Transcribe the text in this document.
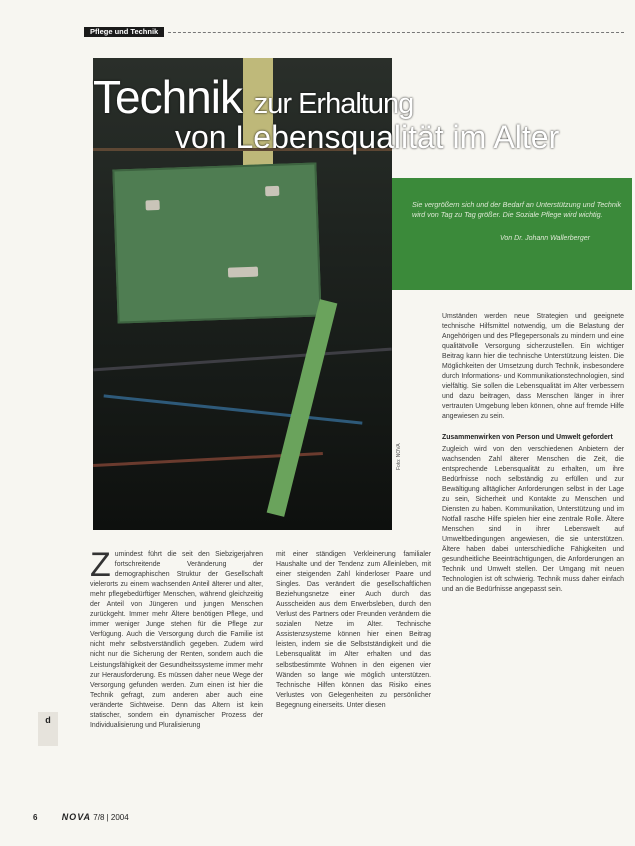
Pflege und Technik
Foto: NOVA
Technik zur Erhaltung
von Lebensqualität im Alter
Sie vergrößern sich und der Bedarf an Unterstützung und Technik wird von Tag zu Tag größer. Die Soziale Pflege wird wichtig.
Von Dr. Johann Wallerberger
Zumindest führt die seit den Siebzigerjahren fortschreitende Veränderung der demographischen Struktur der Gesellschaft vielerorts zu einem wachsenden Anteil älterer und alter, mehr pflegebedürftiger Menschen, während gleichzeitig der Anteil von Jüngeren und jungen Menschen zurückgeht. Immer mehr Ältere benötigen Pflege, und immer weniger Junge stehen für die Pflege zur Verfügung. Auch die Versorgung durch die Familie ist nicht mehr selbstverständlich gegeben. Zudem wird nicht nur die Sicherung der Renten, sondern auch die Leistungsfähigkeit der Gesundheitssysteme immer mehr zur Herausforderung. Es müssen daher neue Wege der Versorgung gefunden werden. Zum einen ist hier die Technik gefragt, zum anderen aber auch eine veränderte Sichtweise. Denn das Altern ist kein statischer, sondern ein dynamischer Prozess der Individualisierung und Pluralisierung
mit einer ständigen Verkleinerung familialer Haushalte und der Tendenz zum Alleinleben, mit einer steigenden Zahl kinderloser Paare und Singles. Das verändert die gesellschaftlichen Beziehungsnetze einer Auch durch das Ausscheiden aus dem Erwerbsleben, durch den Verlust des Partners oder Freunden verändern die sozialen Netze im Alter. Technische Assistenzsysteme können hier einen Beitrag leisten, indem sie die Selbstständigkeit und die Lebensqualität im Alter erhalten und das selbstbestimmte Wohnen in den eigenen vier Wänden so lange wie möglich unterstützen. Technische Hilfen können das Risiko eines Verlustes von Gelegenheiten zu persönlicher Begegnung einerseits. Unter diesen
Umständen werden neue Strategien und geeignete technische Hilfsmittel notwendig, um die Belastung der Angehörigen und des Pflegepersonals zu mindern und eine qualitätvolle Versorgung sicherzustellen. Ein wichtiger Beitrag kann hier die technische Unterstützung leisten. Die Möglichkeiten der Umsetzung durch Technik, insbesondere durch Informations- und Kommunikationstechnologien, sind vielfältig. Sie sollen die Lebensqualität im Alter verbessern und dazu beitragen, dass Menschen länger in ihrer vertrauten Umgebung leben können, ohne auf fremde Hilfe angewiesen zu sein.
Zusammenwirken von Person und Umwelt gefordert
Zugleich wird von den verschiedenen Anbietern der wachsenden Zahl älterer Menschen die Zeit, die entsprechende Lebensqualität zu erhalten, um ihre Bedürfnisse noch selbständig zu erfüllen und zur Bewältigung alltäglicher Anforderungen selbst in der Lage zu sein, Sicherheit und Kontakte zu Menschen und Diensten zu haben. Kommunikation, Unterstützung und im Notfall rasche Hilfe spielen hier eine zentrale Rolle. Ältere Menschen sind in ihrer Lebenswelt auf Umweltbedingungen angewiesen, die sie unterstützen. Ältere haben dabei unterschiedliche Fähigkeiten und gesundheitliche Beeinträchtigungen, die Anforderungen an Technik und Umwelt stellen. Der Umgang mit neuen Technologien ist oft schwierig. Technik muss daher einfach und an die Bedürfnisse angepasst sein.
d
6	NOVA 7/8 | 2004
